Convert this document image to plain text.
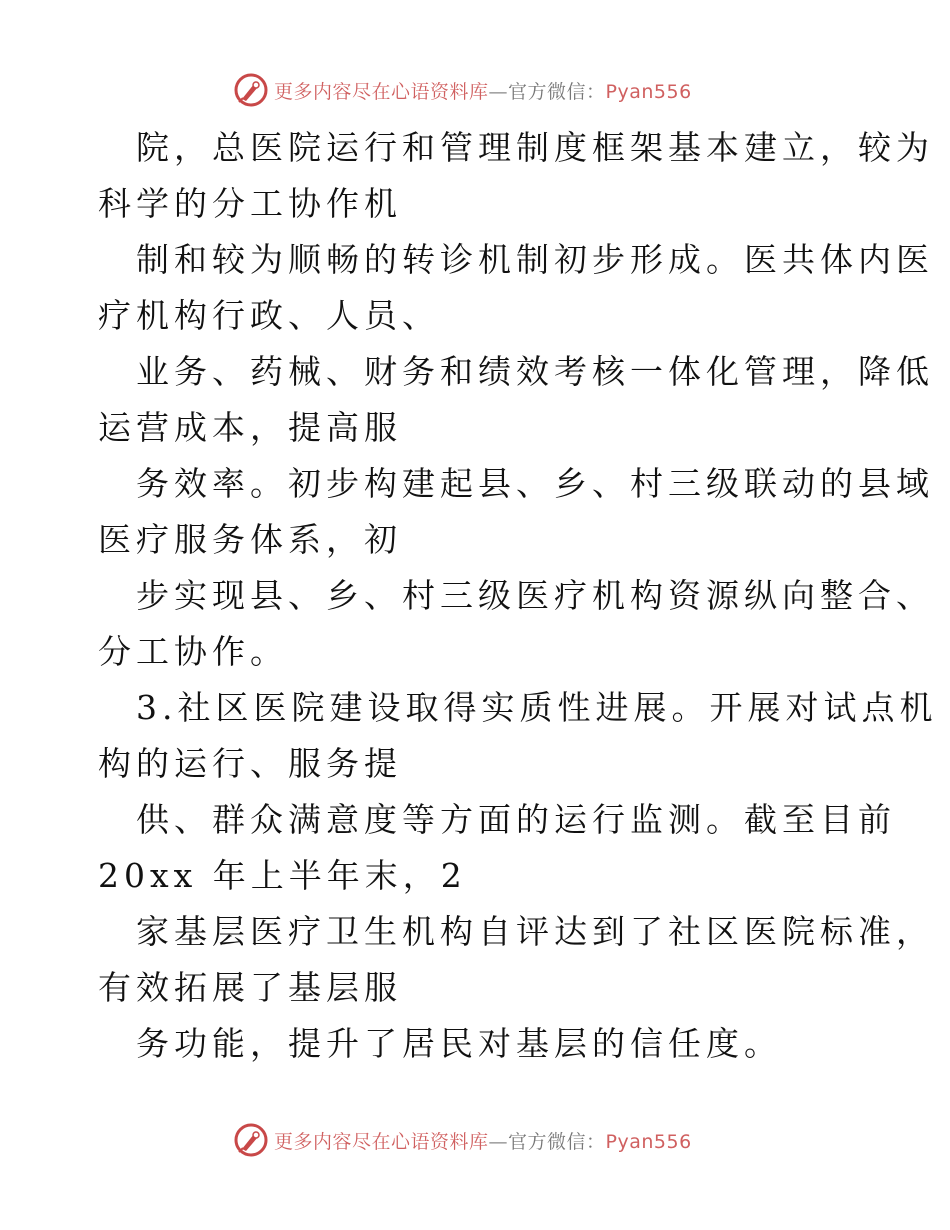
更多内容尽在心语资料库—官方微信：Pyan556
院，总医院运行和管理制度框架基本建立，较为
科学的分工协作机
制和较为顺畅的转诊机制初步形成。医共体内医
疗机构行政、人员、
业务、药械、财务和绩效考核一体化管理，降低
运营成本，提高服
务效率。初步构建起县、乡、村三级联动的县域
医疗服务体系，初
步实现县、乡、村三级医疗机构资源纵向整合、
分工协作。
3.社区医院建设取得实质性进展。开展对试点机
构的运行、服务提
供、群众满意度等方面的运行监测。截至目前
20xx 年上半年末，2
家基层医疗卫生机构自评达到了社区医院标准，
有效拓展了基层服
务功能，提升了居民对基层的信任度。
更多内容尽在心语资料库—官方微信：Pyan556
